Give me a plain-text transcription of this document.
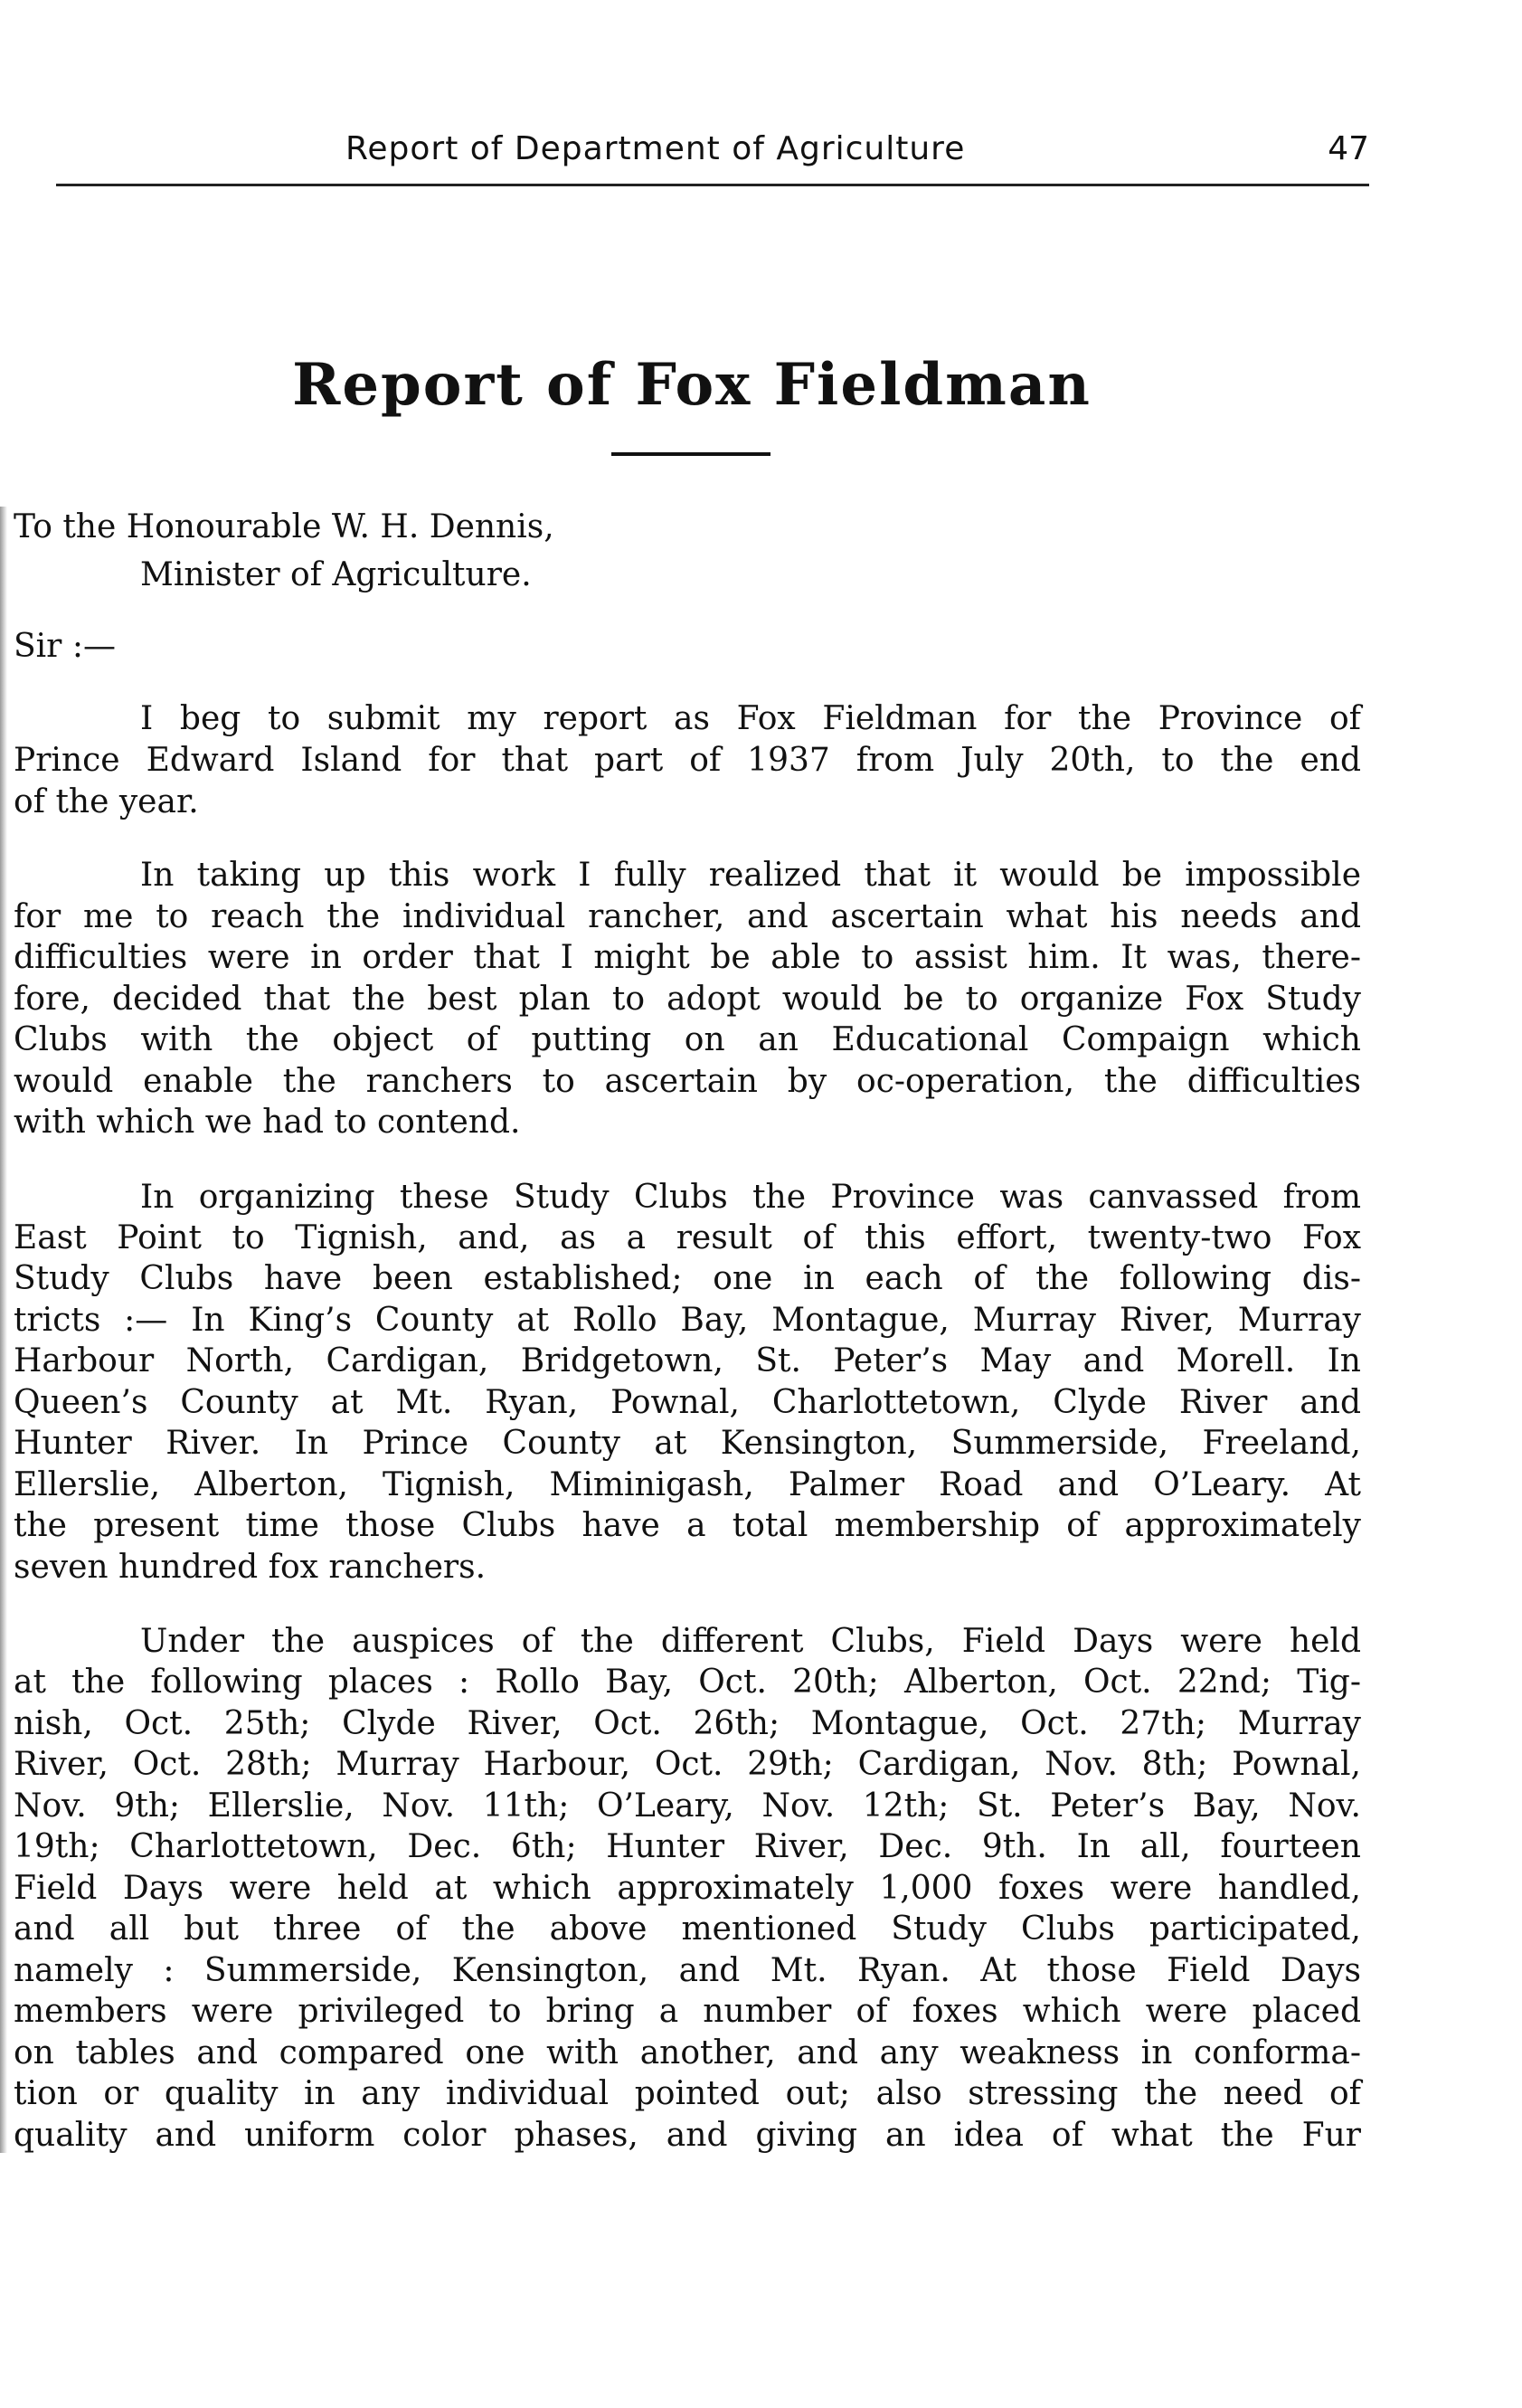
Report of Department of Agriculture	47
Report of Fox Fieldman
To the Honourable W. H. Dennis,
Minister of Agriculture.
Sir :—
I beg to submit my report as Fox Fieldman for the Province of
Prince Edward Island for that part of 1937 from July 20th, to the end
of the year.
In taking up this work I fully realized that it would be impossible
for me to reach the individual rancher, and ascertain what his needs and
difficulties were in order that I might be able to assist him. It was, there-
fore, decided that the best plan to adopt would be to organize Fox Study
Clubs with the object of putting on an Educational Compaign which
would enable the ranchers to ascertain by oc-operation, the difficulties
with which we had to contend.
In organizing these Study Clubs the Province was canvassed from
East Point to Tignish, and, as a result of this effort, twenty-two Fox
Study Clubs have been established; one in each of the following dis-
tricts :— In King’s County at Rollo Bay, Montague, Murray River, Murray
Harbour North, Cardigan, Bridgetown, St. Peter’s May and Morell. In
Queen’s County at Mt. Ryan, Pownal, Charlottetown, Clyde River and
Hunter River. In Prince County at Kensington, Summerside, Freeland,
Ellerslie, Alberton, Tignish, Miminigash, Palmer Road and O’Leary. At
the present time those Clubs have a total membership of approximately
seven hundred fox ranchers.
Under the auspices of the different Clubs, Field Days were held
at the following places : Rollo Bay, Oct. 20th; Alberton, Oct. 22nd; Tig-
nish, Oct. 25th; Clyde River, Oct. 26th; Montague, Oct. 27th; Murray
River, Oct. 28th; Murray Harbour, Oct. 29th; Cardigan, Nov. 8th; Pownal,
Nov. 9th; Ellerslie, Nov. 11th; O’Leary, Nov. 12th; St. Peter’s Bay, Nov.
19th; Charlottetown, Dec. 6th; Hunter River, Dec. 9th. In all, fourteen
Field Days were held at which approximately 1,000 foxes were handled,
and all but three of the above mentioned Study Clubs participated,
namely : Summerside, Kensington, and Mt. Ryan. At those Field Days
members were privileged to bring a number of foxes which were placed
on tables and compared one with another, and any weakness in conforma-
tion or quality in any individual pointed out; also stressing the need of
quality and uniform color phases, and giving an idea of what the Fur
